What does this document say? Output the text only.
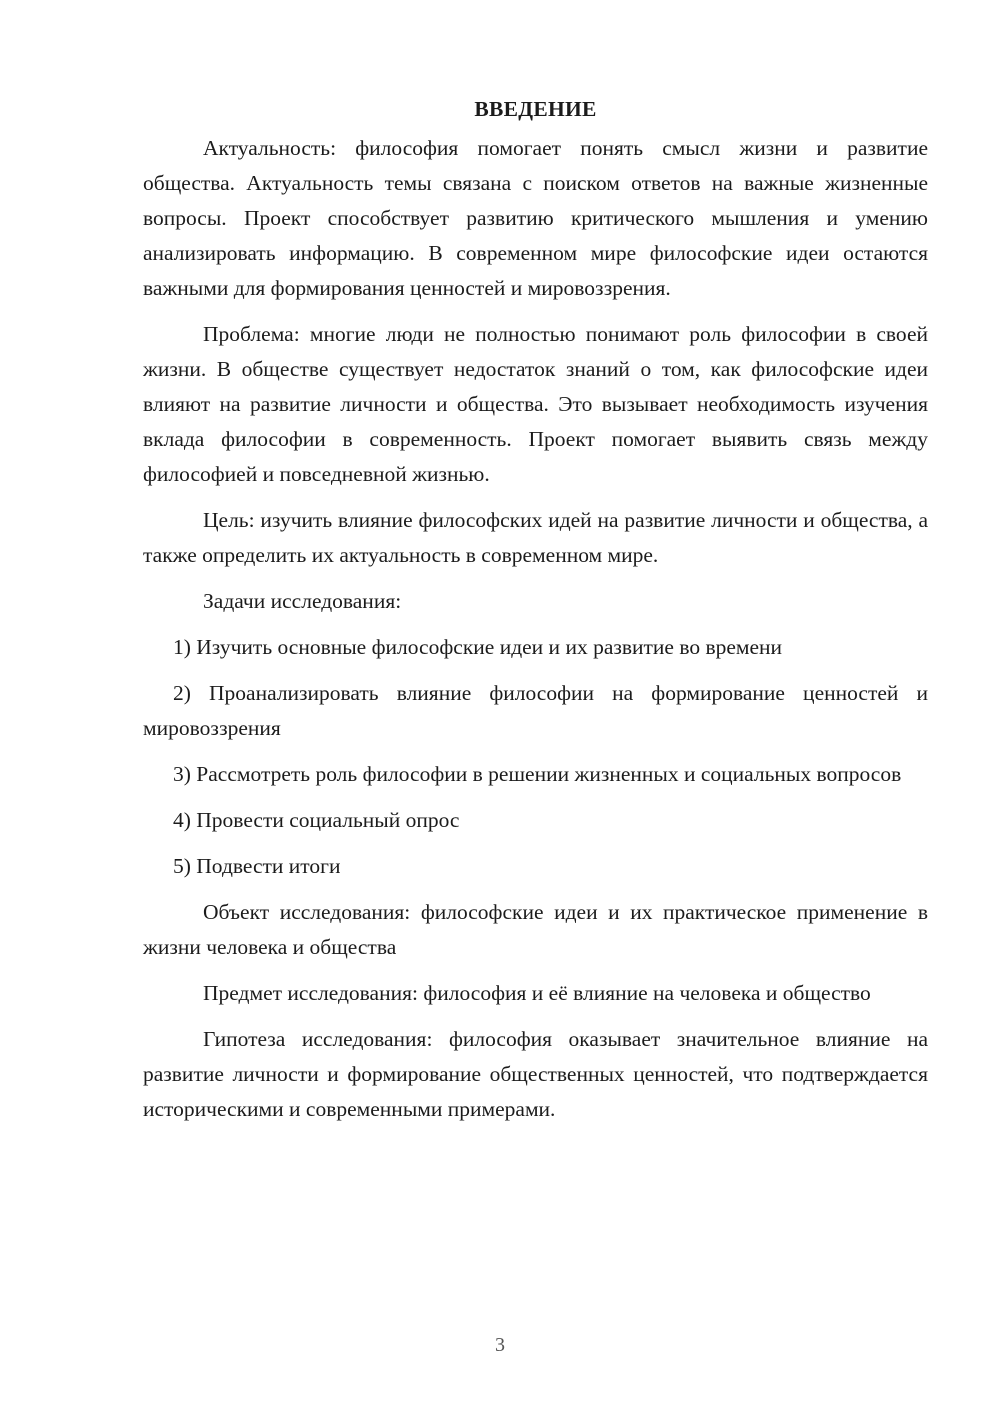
ВВЕДЕНИЕ

Актуальность: философия помогает понять смысл жизни и развитие общества. Актуальность темы связана с поиском ответов на важные жизненные вопросы. Проект способствует развитию критического мышления и умению анализировать информацию. В современном мире философские идеи остаются важными для формирования ценностей и мировоззрения.

Проблема: многие люди не полностью понимают роль философии в своей жизни. В обществе существует недостаток знаний о том, как философские идеи влияют на развитие личности и общества. Это вызывает необходимость изучения вклада философии в современность. Проект помогает выявить связь между философией и повседневной жизнью.

Цель: изучить влияние философских идей на развитие личности и общества, а также определить их актуальность в современном мире.

Задачи исследования:

1) Изучить основные философские идеи и их развитие во времени

2) Проанализировать влияние философии на формирование ценностей и мировоззрения

3) Рассмотреть роль философии в решении жизненных и социальных вопросов

4) Провести социальный опрос

5) Подвести итоги

Объект исследования: философские идеи и их практическое применение в жизни человека и общества

Предмет исследования: философия и её влияние на человека и общество

Гипотеза исследования: философия оказывает значительное влияние на развитие личности и формирование общественных ценностей, что подтверждается историческими и современными примерами.

3
